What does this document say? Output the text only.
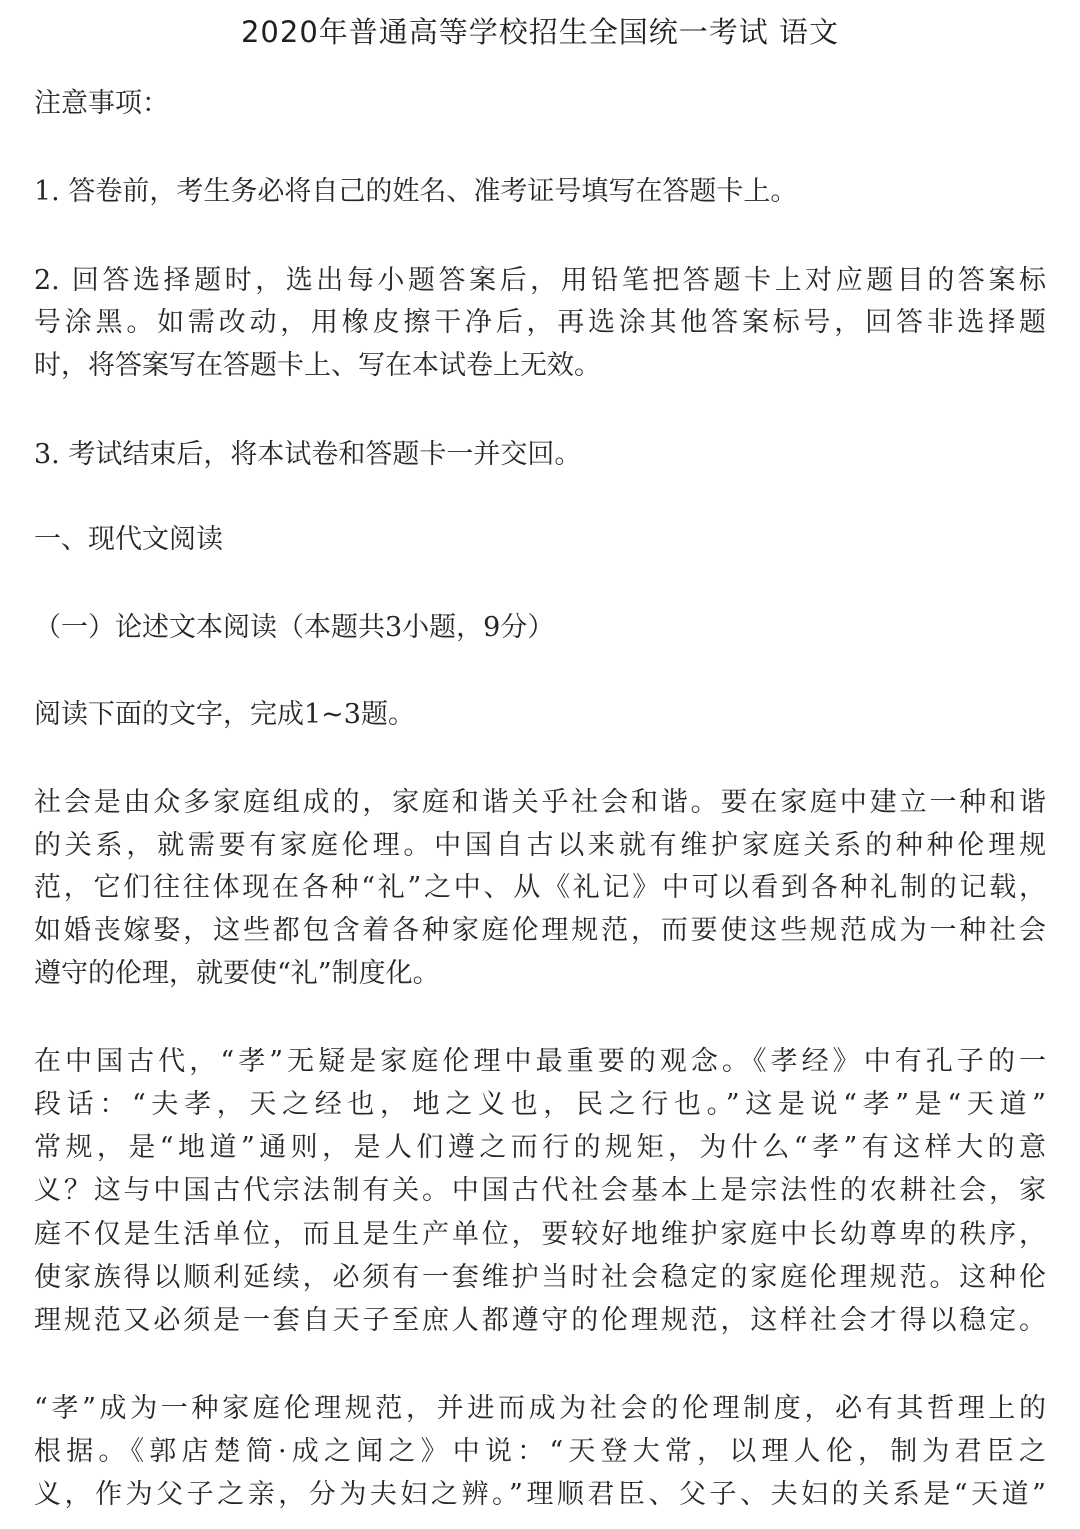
2020年普通高等学校招生全国统一考试 语文
注意事项：
1. 答卷前，考生务必将自己的姓名、准考证号填写在答题卡上。
2. 回答选择题时，选出每小题答案后，用铅笔把答题卡上对应题目的答案标
号涂黑。如需改动，用橡皮擦干净后，再选涂其他答案标号，回答非选择题
时，将答案写在答题卡上、写在本试卷上无效。
3. 考试结束后，将本试卷和答题卡一并交回。
一、现代文阅读
（一）论述文本阅读（本题共3小题，9分）
阅读下面的文字，完成1~3题。
社会是由众多家庭组成的，家庭和谐关乎社会和谐。要在家庭中建立一种和谐
的关系，就需要有家庭伦理。中国自古以来就有维护家庭关系的种种伦理规
范，它们往往体现在各种“礼”之中、从《礼记》中可以看到各种礼制的记载，
如婚丧嫁娶，这些都包含着各种家庭伦理规范，而要使这些规范成为一种社会
遵守的伦理，就要使“礼”制度化。
在中国古代，“孝”无疑是家庭伦理中最重要的观念。《孝经》中有孔子的一
段话：“夫孝，天之经也，地之义也，民之行也。”这是说“孝”是“天道”
常规，是“地道”通则，是人们遵之而行的规矩，为什么“孝”有这样大的意
义？这与中国古代宗法制有关。中国古代社会基本上是宗法性的农耕社会，家
庭不仅是生活单位，而且是生产单位，要较好地维护家庭中长幼尊卑的秩序，
使家族得以顺利延续，必须有一套维护当时社会稳定的家庭伦理规范。这种伦
理规范又必须是一套自天子至庶人都遵守的伦理规范，这样社会才得以稳定。
“孝”成为一种家庭伦理规范，并进而成为社会的伦理制度，必有其哲理上的
根据。《郭店楚简·成之闻之》中说：“天登大常，以理人伦，制为君臣之
义，作为父子之亲，分为夫妇之辨。”理顺君臣、父子、夫妇的关系是“天道”
